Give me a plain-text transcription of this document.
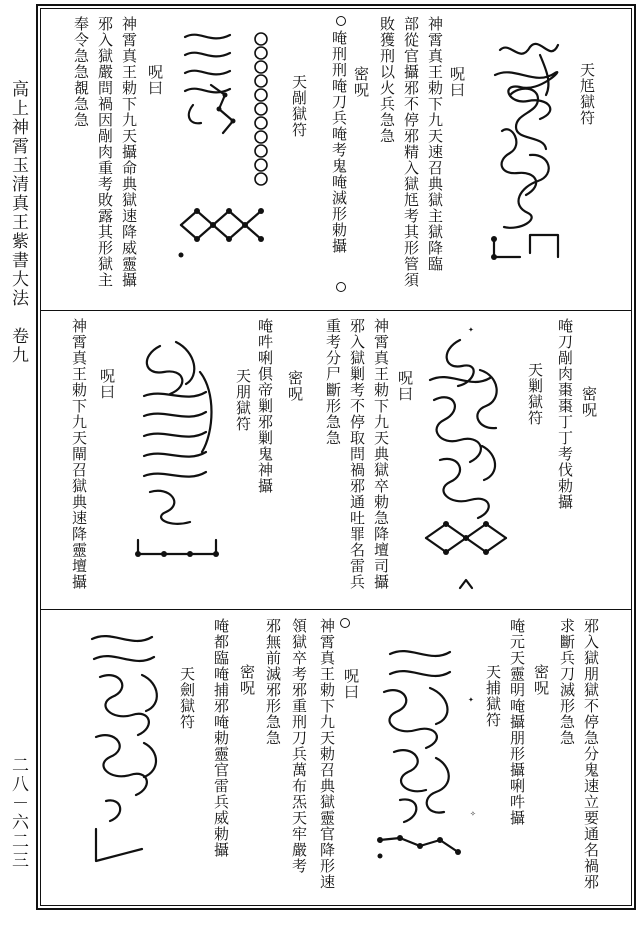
高上神霄玉清真王紫書大法　卷九
二八－六二三
天尪獄符
呪曰
神霄真王勅下九天速召典獄主獄降臨
部從官攝邪不停邪精入獄尪考其形管須
敗獲刑以火兵急急
密呪
唵刑刑唵刀兵唵考鬼唵滅形勅攝
天剮獄符
呪曰
神霄真王勅下九天攝命典獄速降威靈攝
邪入獄嚴問禍因剮肉重考敗露其形獄主
奉令急急覩急急
唵刀剮肉棗棗丁丁考伐勅攝 密呪
天剿獄符
✦
呪曰
神霄真王勅下九天典獄卒勅急降壇司攝
邪入獄剿考不停取問禍邪通吐罪名雷兵
重考分尸斷形急急
唵吽唎俱帝剿邪剿鬼神攝 密呪
天朋獄符
呪曰
神霄真王勅下九天閘召獄典速降靈壇攝
邪入獄朋獄不停急分鬼速立要通名禍邪
求斷兵刀滅形急急
密呪
唵元天靈明唵攝朋形攝唎吽攝
天捕獄符
✦
✧
呪曰
神霄真王勅下九天勅召典獄靈官降形速
領獄卒考邪重刑刀兵萬布炁天牢嚴考
邪無前滅邪形急急
密呪
唵都臨唵捕邪唵勅靈官雷兵威勅攝
天劍獄符
